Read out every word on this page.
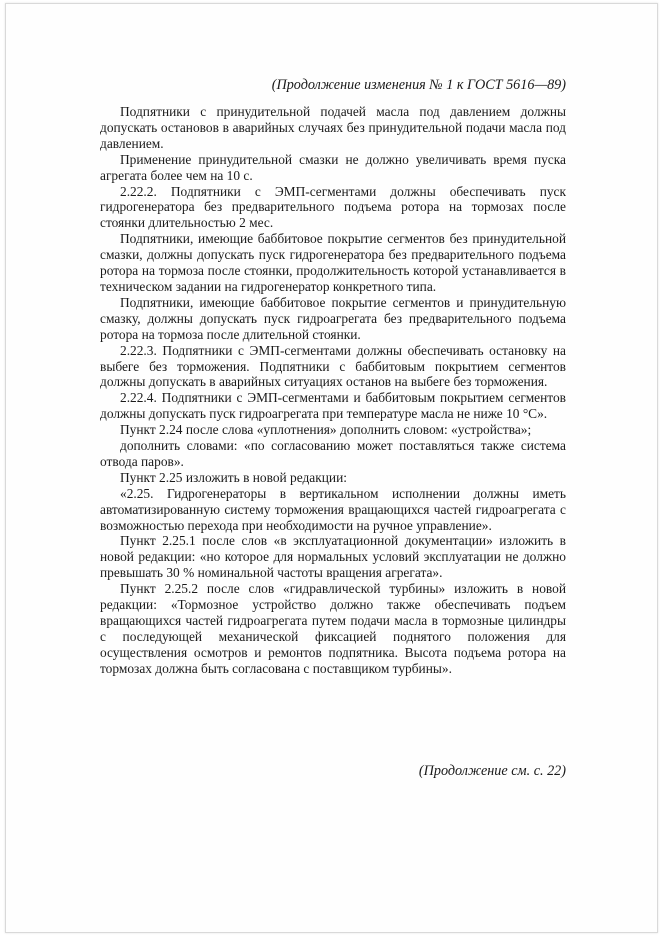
(Продолжение изменения № 1 к ГОСТ 5616—89)

Подпятники с принудительной подачей масла под давлением должны допускать остановов в аварийных случаях без принудительной подачи масла под давлением.

Применение принудительной смазки не должно увеличивать время пуска агрегата более чем на 10 с.

2.22.2. Подпятники с ЭМП-сегментами должны обеспечивать пуск гидрогенератора без предварительного подъема ротора на тормозах после стоянки длительностью 2 мес.

Подпятники, имеющие баббитовое покрытие сегментов без принудительной смазки, должны допускать пуск гидрогенератора без предварительного подъема ротора на тормоза после стоянки, продолжительность которой устанавливается в техническом задании на гидрогенератор конкретного типа.

Подпятники, имеющие баббитовое покрытие сегментов и принудительную смазку, должны допускать пуск гидроагрегата без предварительного подъема ротора на тормоза после длительной стоянки.

2.22.3. Подпятники с ЭМП-сегментами должны обеспечивать остановку на выбеге без торможения. Подпятники с баббитовым покрытием сегментов должны допускать в аварийных ситуациях останов на выбеге без торможения.

2.22.4. Подпятники с ЭМП-сегментами и баббитовым покрытием сегментов должны допускать пуск гидроагрегата при температуре масла не ниже 10 °С».

Пункт 2.24 после слова «уплотнения» дополнить словом: «устройства»;

дополнить словами: «по согласованию может поставляться также система отвода паров».

Пункт 2.25 изложить в новой редакции:

«2.25. Гидрогенераторы в вертикальном исполнении должны иметь автоматизированную систему торможения вращающихся частей гидроагрегата с возможностью перехода при необходимости на ручное управление».

Пункт 2.25.1 после слов «в эксплуатационной документации» изложить в новой редакции: «но которое для нормальных условий эксплуатации не должно превышать 30 % номинальной частоты вращения агрегата».

Пункт 2.25.2 после слов «гидравлической турбины» изложить в новой редакции: «Тормозное устройство должно также обеспечивать подъем вращающихся частей гидроагрегата путем подачи масла в тормозные цилиндры с последующей механической фиксацией поднятого положения для осуществления осмотров и ремонтов подпятника. Высота подъема ротора на тормозах должна быть согласована с поставщиком турбины».

(Продолжение см. с. 22)
